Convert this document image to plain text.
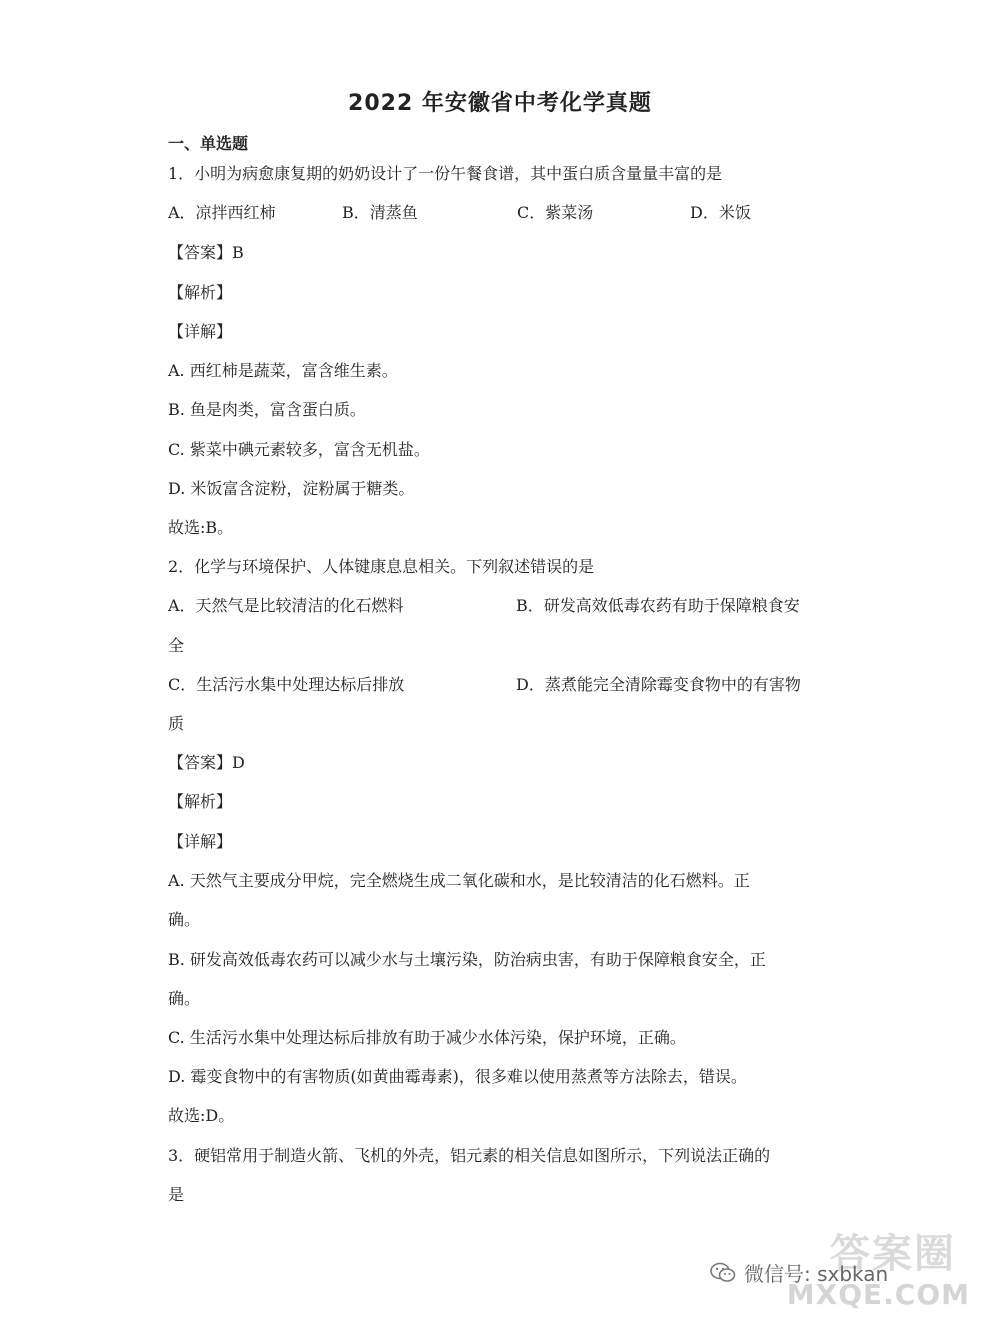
2022 年安徽省中考化学真题
一、单选题
1．小明为病愈康复期的奶奶设计了一份午餐食谱，其中蛋白质含量量丰富的是
A．凉拌西红柿	B．清蒸鱼	C．紫菜汤	D．米饭
【答案】B
【解析】
【详解】
A. 西红柿是蔬菜，富含维生素。
B. 鱼是肉类，富含蛋白质。
C. 紫菜中碘元素较多，富含无机盐。
D. 米饭富含淀粉，淀粉属于糖类。
故选:B。
2．化学与环境保护、人体键康息息相关。下列叙述错误的是
A．天然气是比较清洁的化石燃料	B．研发高效低毒农药有助于保障粮食安
全
C．生活污水集中处理达标后排放	D．蒸煮能完全清除霉变食物中的有害物
质
【答案】D
【解析】
【详解】
A. 天然气主要成分甲烷，完全燃烧生成二氧化碳和水，是比较清洁的化石燃料。正
确。
B. 研发高效低毒农药可以减少水与土壤污染，防治病虫害，有助于保障粮食安全，正
确。
C. 生活污水集中处理达标后排放有助于减少水体污染，保护环境，正确。
D. 霉变食物中的有害物质(如黄曲霉毒素)，很多难以使用蒸煮等方法除去，错误。
故选:D。
3．硬铝常用于制造火箭、飞机的外壳，铝元素的相关信息如图所示，下列说法正确的
是
答案圈
微信号: sxbkan
MXQE.COM
